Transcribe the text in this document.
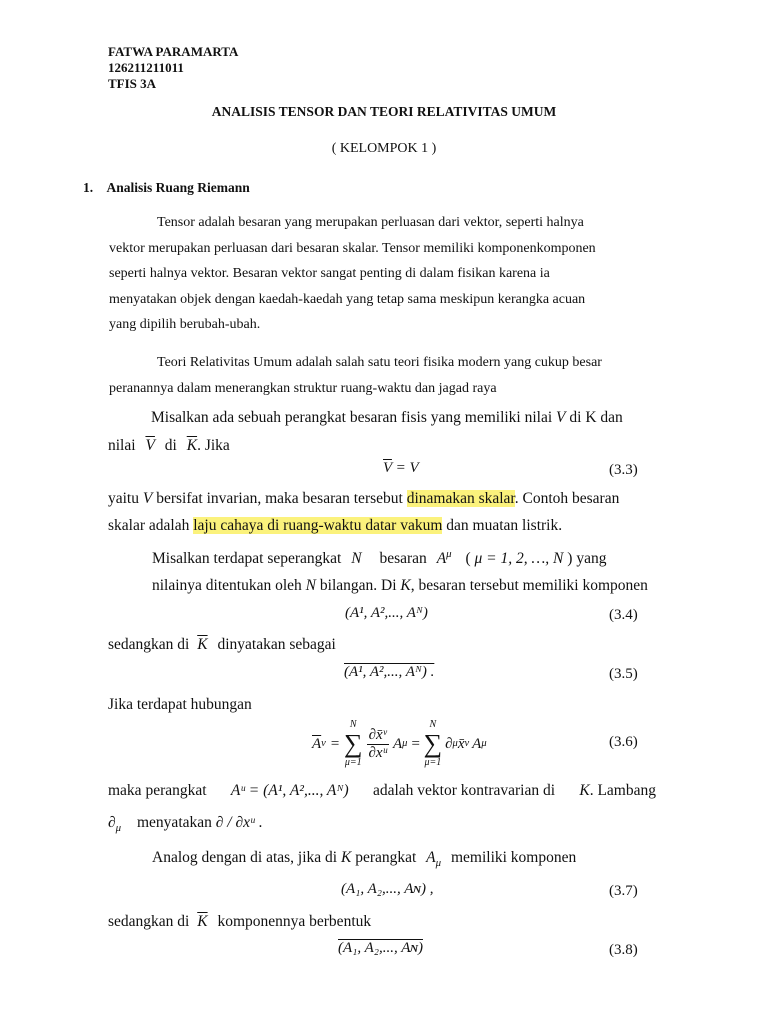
FATWA PARAMARTA
126211211011
TFIS 3A
ANALISIS TENSOR DAN TEORI RELATIVITAS UMUM
( KELOMPOK 1 )
1. Analisis Ruang Riemann
Tensor adalah besaran yang merupakan perluasan dari vektor, seperti halnya
vektor merupakan perluasan dari besaran skalar. Tensor memiliki komponenkomponen
seperti halnya vektor. Besaran vektor sangat penting di dalam fisikan karena ia
menyatakan objek dengan kaedah-kaedah yang tetap sama meskipun kerangka acuan
yang dipilih berubah-ubah.
Teori Relativitas Umum adalah salah satu teori fisika modern yang cukup besar
peranannya dalam menerangkan struktur ruang-waktu dan jagad raya
Misalkan ada sebuah perangkat besaran fisis yang memiliki nilai V di K dan
nilai $\overline{V}$ di $\overline{K}$. Jika
$\overline{V} = V$	(3.3)
yaitu V bersifat invarian, maka besaran tersebut dinamakan skalar. Contoh besaran
skalar adalah laju cahaya di ruang-waktu datar vakum dan muatan listrik.
Misalkan terdapat seperangkat N besaran $A^\mu$ ( μ = 1, 2, …, N ) yang
nilainya ditentukan oleh N bilangan. Di K, besaran tersebut memiliki komponen
(A¹, A²,..., Aᴺ)	(3.4)
sedangkan di $\overline{K}$ dinyatakan sebagai
(A¹, A²,..., Aᴺ) .	(3.5)
Jika terdapat hubungan
$\overline{A}$ ν =
N
∑
μ=1
$\frac{\text{∂x̄ᵛ}}{\text{∂xᵘ}}$ A μ =
N
∑
μ=1
∂ μ x̄ ν A μ	(3.6)
maka perangkat Aᵘ = (A¹, A²,..., Aᴺ) adalah vektor kontravarian di K. Lambang
$\partial_\mu$ menyatakan ∂ / ∂xᵘ .
Analog dengan di atas, jika di K perangkat $A_\mu$ memiliki komponen
(A₁, A₂,..., Aɴ) ,	(3.7)
sedangkan di $\overline{K}$ komponennya berbentuk
(A₁, A₂,..., Aɴ)	(3.8)
